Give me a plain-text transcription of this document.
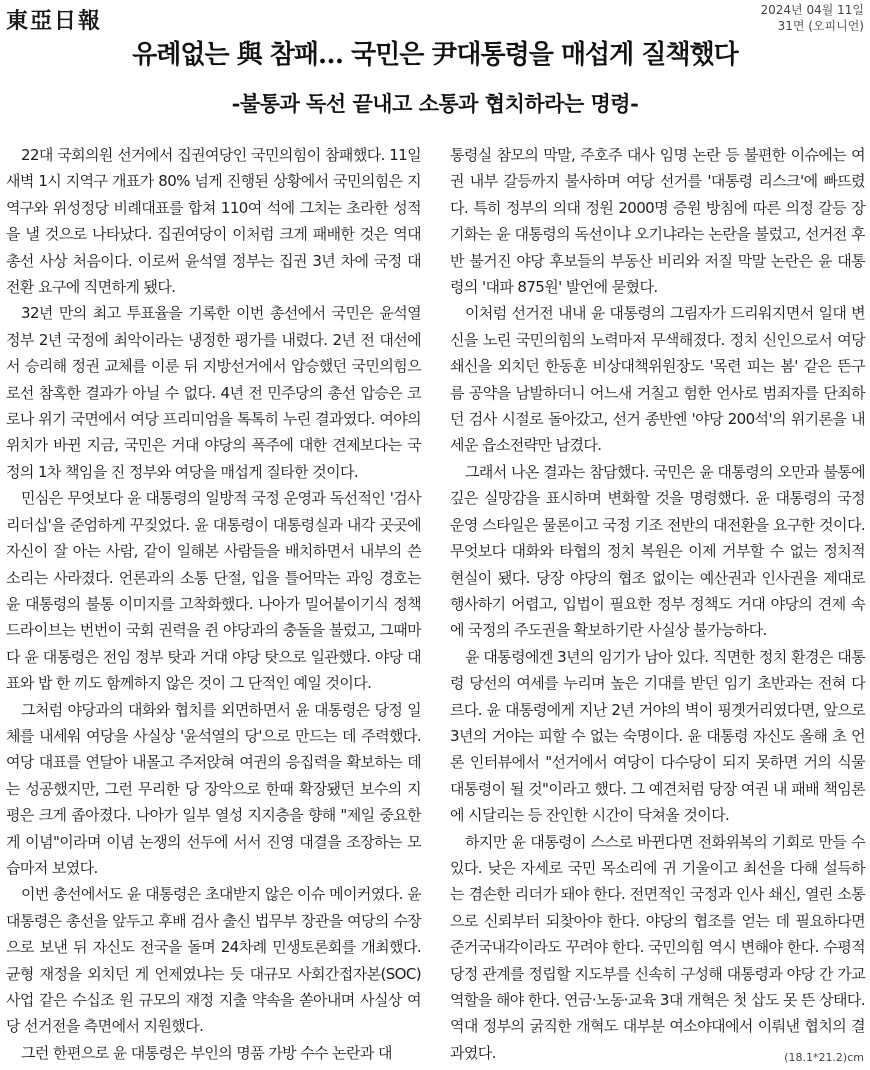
東亞日報	2024년 04월 11일
31면 (오피니언)
유례없는 與 참패… 국민은 尹대통령을 매섭게 질책했다
-불통과 독선 끝내고 소통과 협치하라는 명령-

22대 국회의원 선거에서 집권여당인 국민의힘이 참패했다. 11일 새벽 1시 지역구 개표가 80% 넘게 진행된 상황에서 국민의힘은 지역구와 위성정당 비례대표를 합쳐 110여 석에 그치는 초라한 성적을 낼 것으로 나타났다. 집권여당이 이처럼 크게 패배한 것은 역대 총선 사상 처음이다. 이로써 윤석열 정부는 집권 3년 차에 국정 대전환 요구에 직면하게 됐다.

32년 만의 최고 투표율을 기록한 이번 총선에서 국민은 윤석열 정부 2년 국정에 최악이라는 냉정한 평가를 내렸다. 2년 전 대선에서 승리해 정권 교체를 이룬 뒤 지방선거에서 압승했던 국민의힘으로선 참혹한 결과가 아닐 수 없다. 4년 전 민주당의 총선 압승은 코로나 위기 국면에서 여당 프리미엄을 톡톡히 누린 결과였다. 여야의 위치가 바뀐 지금, 국민은 거대 야당의 폭주에 대한 견제보다는 국정의 1차 책임을 진 정부와 여당을 매섭게 질타한 것이다.

민심은 무엇보다 윤 대통령의 일방적 국정 운영과 독선적인 '검사 리더십'을 준엄하게 꾸짖었다. 윤 대통령이 대통령실과 내각 곳곳에 자신이 잘 아는 사람, 같이 일해본 사람들을 배치하면서 내부의 쓴소리는 사라졌다. 언론과의 소통 단절, 입을 틀어막는 과잉 경호는 윤 대통령의 불통 이미지를 고착화했다. 나아가 밀어붙이기식 정책 드라이브는 번번이 국회 권력을 쥔 야당과의 충돌을 불렀고, 그때마다 윤 대통령은 전임 정부 탓과 거대 야당 탓으로 일관했다. 야당 대표와 밥 한 끼도 함께하지 않은 것이 그 단적인 예일 것이다.

그처럼 야당과의 대화와 협치를 외면하면서 윤 대통령은 당정 일체를 내세워 여당을 사실상 '윤석열의 당'으로 만드는 데 주력했다. 여당 대표를 연달아 내몰고 주저앉혀 여권의 응집력을 확보하는 데는 성공했지만, 그런 무리한 당 장악으로 한때 확장됐던 보수의 지평은 크게 좁아졌다. 나아가 일부 열성 지지층을 향해 "제일 중요한 게 이념"이라며 이념 논쟁의 선두에 서서 진영 대결을 조장하는 모습마저 보였다.

이번 총선에서도 윤 대통령은 초대받지 않은 이슈 메이커였다. 윤 대통령은 총선을 앞두고 후배 검사 출신 법무부 장관을 여당의 수장으로 보낸 뒤 자신도 전국을 돌며 24차례 민생토론회를 개최했다. 균형 재정을 외치던 게 언제였냐는 듯 대규모 사회간접자본(SOC) 사업 같은 수십조 원 규모의 재정 지출 약속을 쏟아내며 사실상 여당 선거전을 측면에서 지원했다.

그런 한편으로 윤 대통령은 부인의 명품 가방 수수 논란과 대

통령실 참모의 막말, 주호주 대사 임명 논란 등 불편한 이슈에는 여권 내부 갈등까지 불사하며 여당 선거를 '대통령 리스크'에 빠뜨렸다. 특히 정부의 의대 정원 2000명 증원 방침에 따른 의정 갈등 장기화는 윤 대통령의 독선이냐 오기냐라는 논란을 불렀고, 선거전 후반 불거진 야당 후보들의 부동산 비리와 저질 막말 논란은 윤 대통령의 '대파 875원' 발언에 묻혔다.

이처럼 선거전 내내 윤 대통령의 그림자가 드리워지면서 일대 변신을 노린 국민의힘의 노력마저 무색해졌다. 정치 신인으로서 여당 쇄신을 외치던 한동훈 비상대책위원장도 '목련 피는 봄' 같은 뜬구름 공약을 남발하더니 어느새 거칠고 험한 언사로 범죄자를 단죄하던 검사 시절로 돌아갔고, 선거 종반엔 '야당 200석'의 위기론을 내세운 읍소전략만 남겼다.

그래서 나온 결과는 참담했다. 국민은 윤 대통령의 오만과 불통에 깊은 실망감을 표시하며 변화할 것을 명령했다. 윤 대통령의 국정 운영 스타일은 물론이고 국정 기조 전반의 대전환을 요구한 것이다. 무엇보다 대화와 타협의 정치 복원은 이제 거부할 수 없는 정치적 현실이 됐다. 당장 야당의 협조 없이는 예산권과 인사권을 제대로 행사하기 어렵고, 입법이 필요한 정부 정책도 거대 야당의 견제 속에 국정의 주도권을 확보하기란 사실상 불가능하다.

윤 대통령에겐 3년의 임기가 남아 있다. 직면한 정치 환경은 대통령 당선의 여세를 누리며 높은 기대를 받던 임기 초반과는 전혀 다르다. 윤 대통령에게 지난 2년 거야의 벽이 핑곗거리였다면, 앞으로 3년의 거야는 피할 수 없는 숙명이다. 윤 대통령 자신도 올해 초 언론 인터뷰에서 "선거에서 여당이 다수당이 되지 못하면 거의 식물 대통령이 될 것"이라고 했다. 그 예견처럼 당장 여권 내 패배 책임론에 시달리는 등 잔인한 시간이 닥쳐올 것이다.

하지만 윤 대통령이 스스로 바뀐다면 전화위복의 기회로 만들 수 있다. 낮은 자세로 국민 목소리에 귀 기울이고 최선을 다해 설득하는 겸손한 리더가 돼야 한다. 전면적인 국정과 인사 쇄신, 열린 소통으로 신뢰부터 되찾아야 한다. 야당의 협조를 얻는 데 필요하다면 준거국내각이라도 꾸려야 한다. 국민의힘 역시 변해야 한다. 수평적 당정 관계를 정립할 지도부를 신속히 구성해 대통령과 야당 간 가교 역할을 해야 한다. 연금·노동·교육 3대 개혁은 첫 삽도 못 뜬 상태다. 역대 정부의 굵직한 개혁도 대부분 여소야대에서 이뤄낸 협치의 결과였다.	(18.1*21.2)cm
